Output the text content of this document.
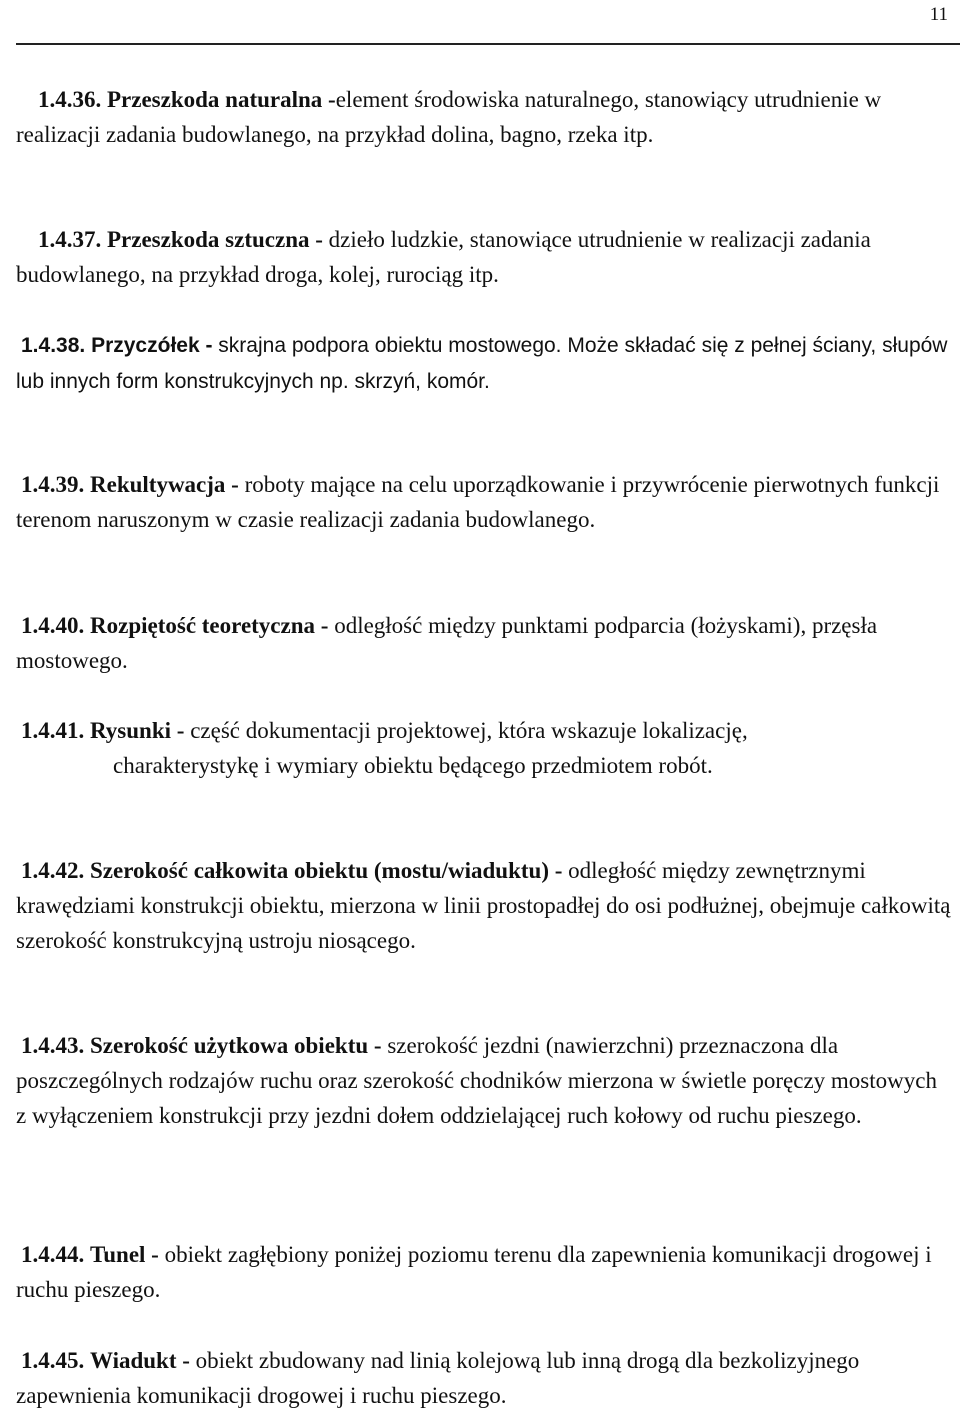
11
1.4.36. Przeszkoda naturalna -element środowiska naturalnego, stanowiący utrudnienie w realizacji zadania budowlanego, na przykład dolina, bagno, rzeka itp.
1.4.37. Przeszkoda sztuczna - dzieło ludzkie, stanowiące utrudnienie w realizacji zadania budowlanego, na przykład droga, kolej, rurociąg itp.
1.4.38. Przyczółek - skrajna podpora obiektu mostowego. Może składać się z pełnej ściany, słupów lub innych form konstrukcyjnych np. skrzyń, komór.
1.4.39. Rekultywacja - roboty mające na celu uporządkowanie i przywrócenie pierwotnych funkcji terenom naruszonym w czasie realizacji zadania budowlanego.
1.4.40. Rozpiętość teoretyczna - odległość między punktami podparcia (łożyskami), przęsła mostowego.
1.4.41. Rysunki - część dokumentacji projektowej, która wskazuje lokalizację,
charakterystykę i wymiary obiektu będącego przedmiotem robót.
1.4.42. Szerokość całkowita obiektu (mostu/wiaduktu) - odległość między zewnętrznymi krawędziami konstrukcji obiektu, mierzona w linii prostopadłej do osi podłużnej, obejmuje całkowitą szerokość konstrukcyjną ustroju niosącego.
1.4.43. Szerokość użytkowa obiektu - szerokość jezdni (nawierzchni) przeznaczona dla poszczególnych rodzajów ruchu oraz szerokość chodników mierzona w świetle poręczy mostowych z wyłączeniem konstrukcji przy jezdni dołem oddzielającej ruch kołowy od ruchu pieszego.
1.4.44. Tunel - obiekt zagłębiony poniżej poziomu terenu dla zapewnienia komunikacji drogowej i ruchu pieszego.
1.4.45. Wiadukt - obiekt zbudowany nad linią kolejową lub inną drogą dla bezkolizyjnego zapewnienia komunikacji drogowej i ruchu pieszego.
